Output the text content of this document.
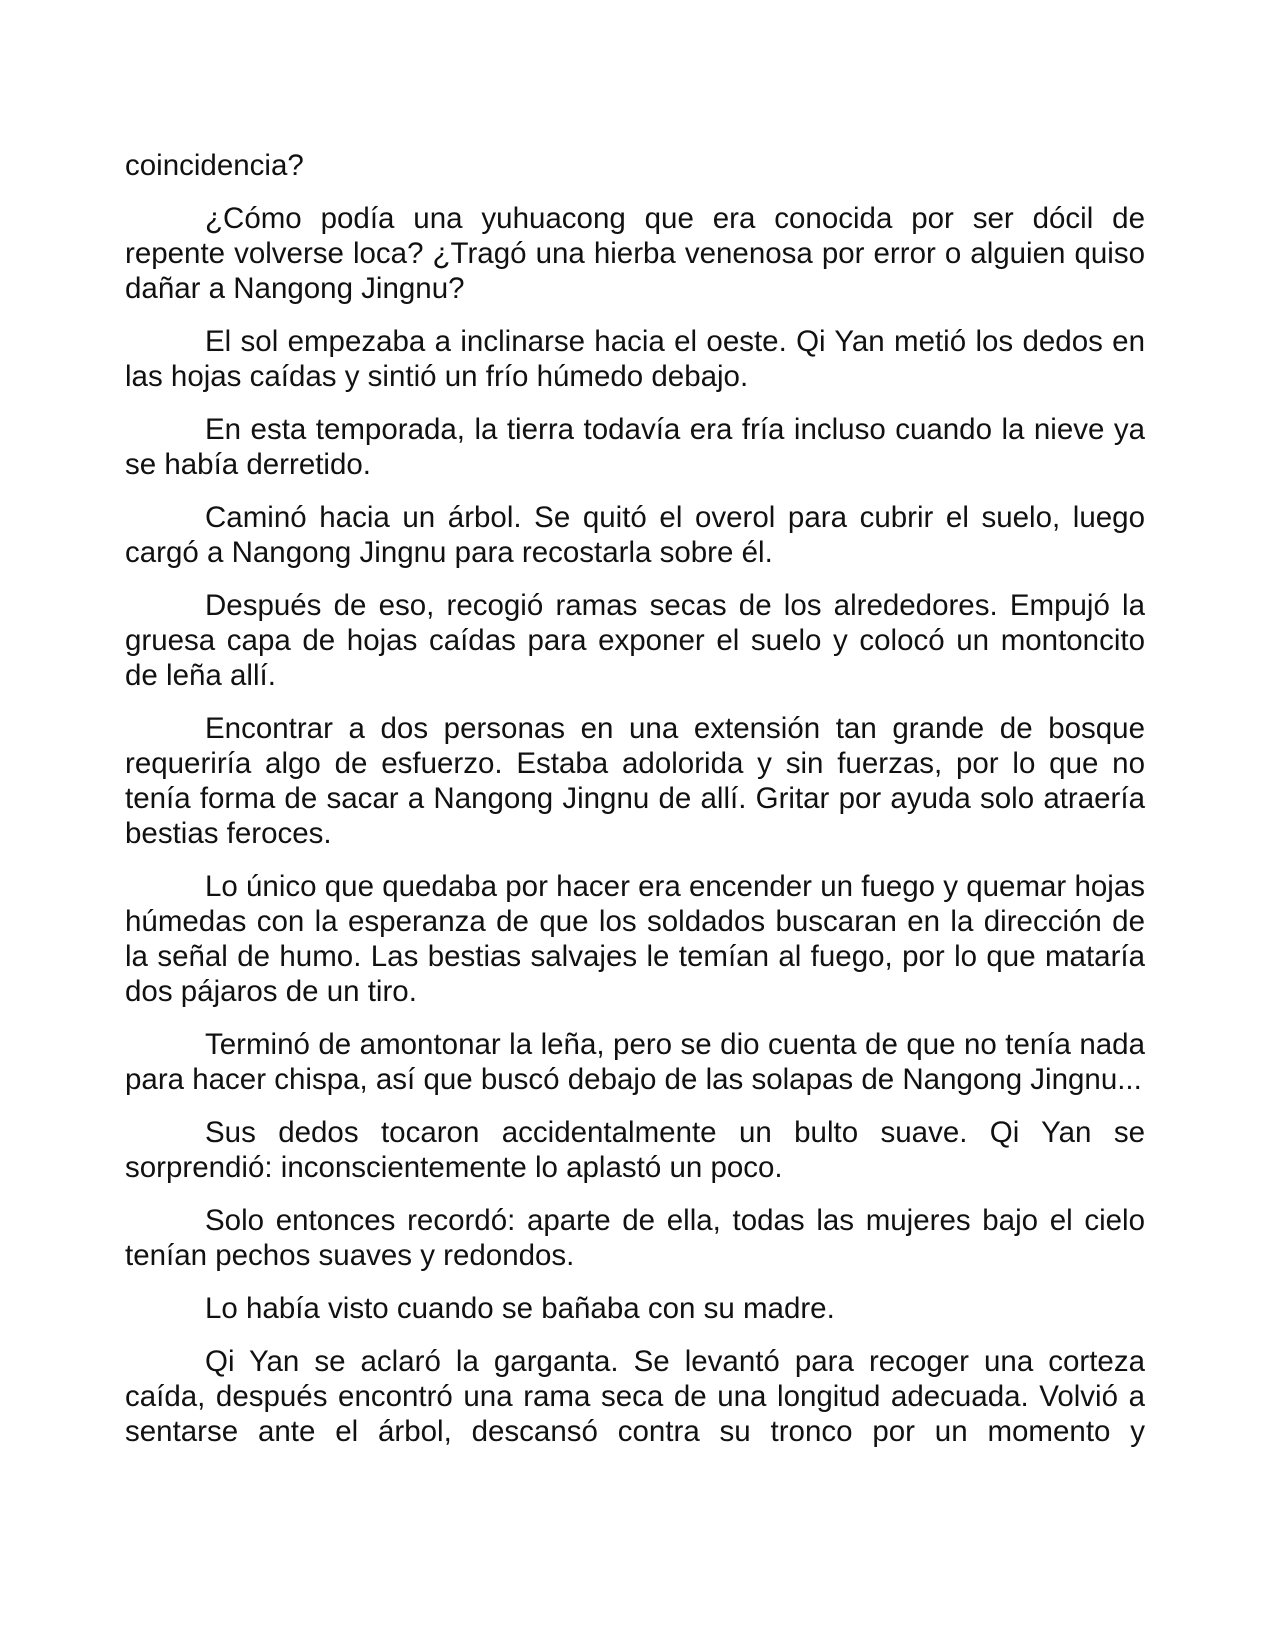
coincidencia?

¿Cómo podía una yuhuacong que era conocida por ser dócil de repente volverse loca? ¿Tragó una hierba venenosa por error o alguien quiso dañar a Nangong Jingnu?

El sol empezaba a inclinarse hacia el oeste. Qi Yan metió los dedos en las hojas caídas y sintió un frío húmedo debajo.

En esta temporada, la tierra todavía era fría incluso cuando la nieve ya se había derretido.

Caminó hacia un árbol. Se quitó el overol para cubrir el suelo, luego cargó a Nangong Jingnu para recostarla sobre él.

Después de eso, recogió ramas secas de los alrededores. Empujó la gruesa capa de hojas caídas para exponer el suelo y colocó un montoncito de leña allí.

Encontrar a dos personas en una extensión tan grande de bosque requeriría algo de esfuerzo. Estaba adolorida y sin fuerzas, por lo que no tenía forma de sacar a Nangong Jingnu de allí. Gritar por ayuda solo atraería bestias feroces.

Lo único que quedaba por hacer era encender un fuego y quemar hojas húmedas con la esperanza de que los soldados buscaran en la dirección de la señal de humo. Las bestias salvajes le temían al fuego, por lo que mataría dos pájaros de un tiro.

Terminó de amontonar la leña, pero se dio cuenta de que no tenía nada para hacer chispa, así que buscó debajo de las solapas de Nangong Jingnu...

Sus dedos tocaron accidentalmente un bulto suave. Qi Yan se sorprendió: inconscientemente lo aplastó un poco.

Solo entonces recordó: aparte de ella, todas las mujeres bajo el cielo tenían pechos suaves y redondos.

Lo había visto cuando se bañaba con su madre.

Qi Yan se aclaró la garganta. Se levantó para recoger una corteza caída, después encontró una rama seca de una longitud adecuada. Volvió a sentarse ante el árbol, descansó contra su tronco por un momento y
